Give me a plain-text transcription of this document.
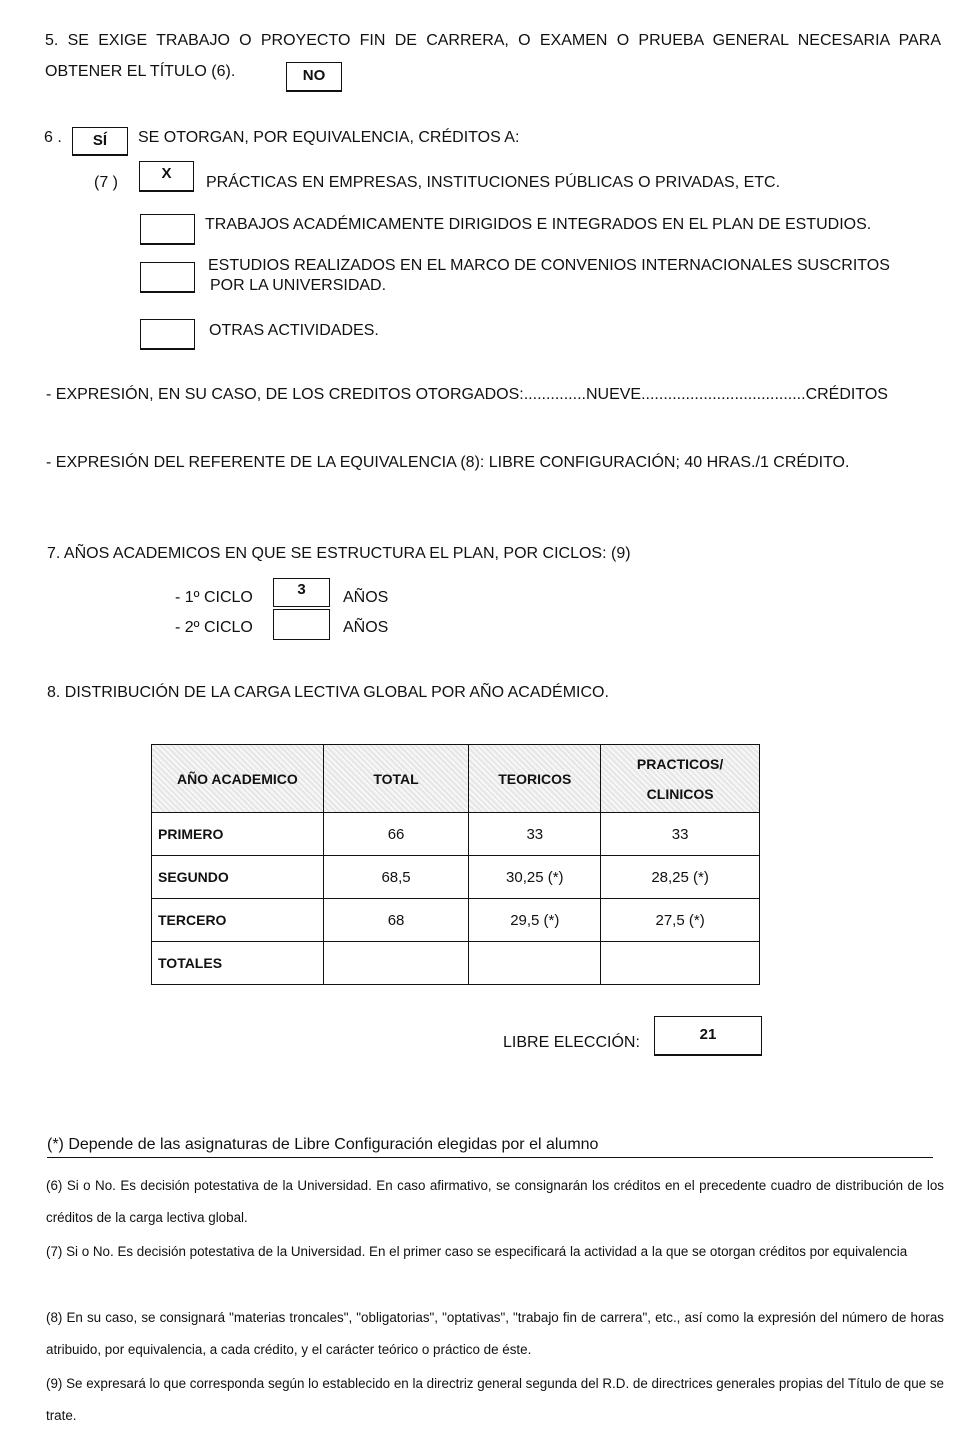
5. SE EXIGE TRABAJO O PROYECTO FIN DE CARRERA, O EXAMEN O PRUEBA GENERAL NECESARIA PARA
OBTENER EL TÍTULO (6).	NO
6 .	SÍ	SE OTORGAN, POR EQUIVALENCIA, CRÉDITOS A:
(7 )
X
PRÁCTICAS EN EMPRESAS, INSTITUCIONES PÚBLICAS O PRIVADAS, ETC.
TRABAJOS ACADÉMICAMENTE DIRIGIDOS E INTEGRADOS EN EL PLAN DE ESTUDIOS.
ESTUDIOS REALIZADOS EN EL MARCO DE CONVENIOS INTERNACIONALES SUSCRITOS
POR LA UNIVERSIDAD.
OTRAS ACTIVIDADES.
- EXPRESIÓN, EN SU CASO, DE LOS CREDITOS OTORGADOS:..............NUEVE.....................................CRÉDITOS
- EXPRESIÓN DEL REFERENTE DE LA EQUIVALENCIA (8): LIBRE CONFIGURACIÓN; 40 HRAS./1 CRÉDITO.
7. AÑOS ACADEMICOS EN QUE SE ESTRUCTURA EL PLAN, POR CICLOS: (9)
- 1º CICLO	3	AÑOS
- 2º CICLO	AÑOS
8. DISTRIBUCIÓN DE LA CARGA LECTIVA GLOBAL POR AÑO ACADÉMICO.
AÑO ACADEMICO	TOTAL	TEORICOS	PRACTICOS/
CLINICOS

PRIMERO	66	33	33
SEGUNDO	68,5	30,25 (*)	28,25 (*)
TERCERO	68	29,5 (*)	27,5 (*)
TOTALES			
LIBRE ELECCIÓN:	21
(*) Depende de las asignaturas de Libre Configuración elegidas por el alumno
(6) Si o No. Es decisión potestativa de la Universidad. En caso afirmativo, se consignarán los créditos en el precedente cuadro de distribución de los créditos de la carga lectiva global.
(7) Si o No. Es decisión potestativa de la Universidad. En el primer caso se especificará la actividad a la que se otorgan créditos por equivalencia
(8) En su caso, se consignará "materias troncales", "obligatorias", "optativas", "trabajo fin de carrera", etc., así como la expresión del número de horas atribuido, por equivalencia, a cada crédito, y el carácter teórico o práctico de éste.
(9) Se expresará lo que corresponda según lo establecido en la directriz general segunda del R.D. de directrices generales propias del Título de que se trate.
